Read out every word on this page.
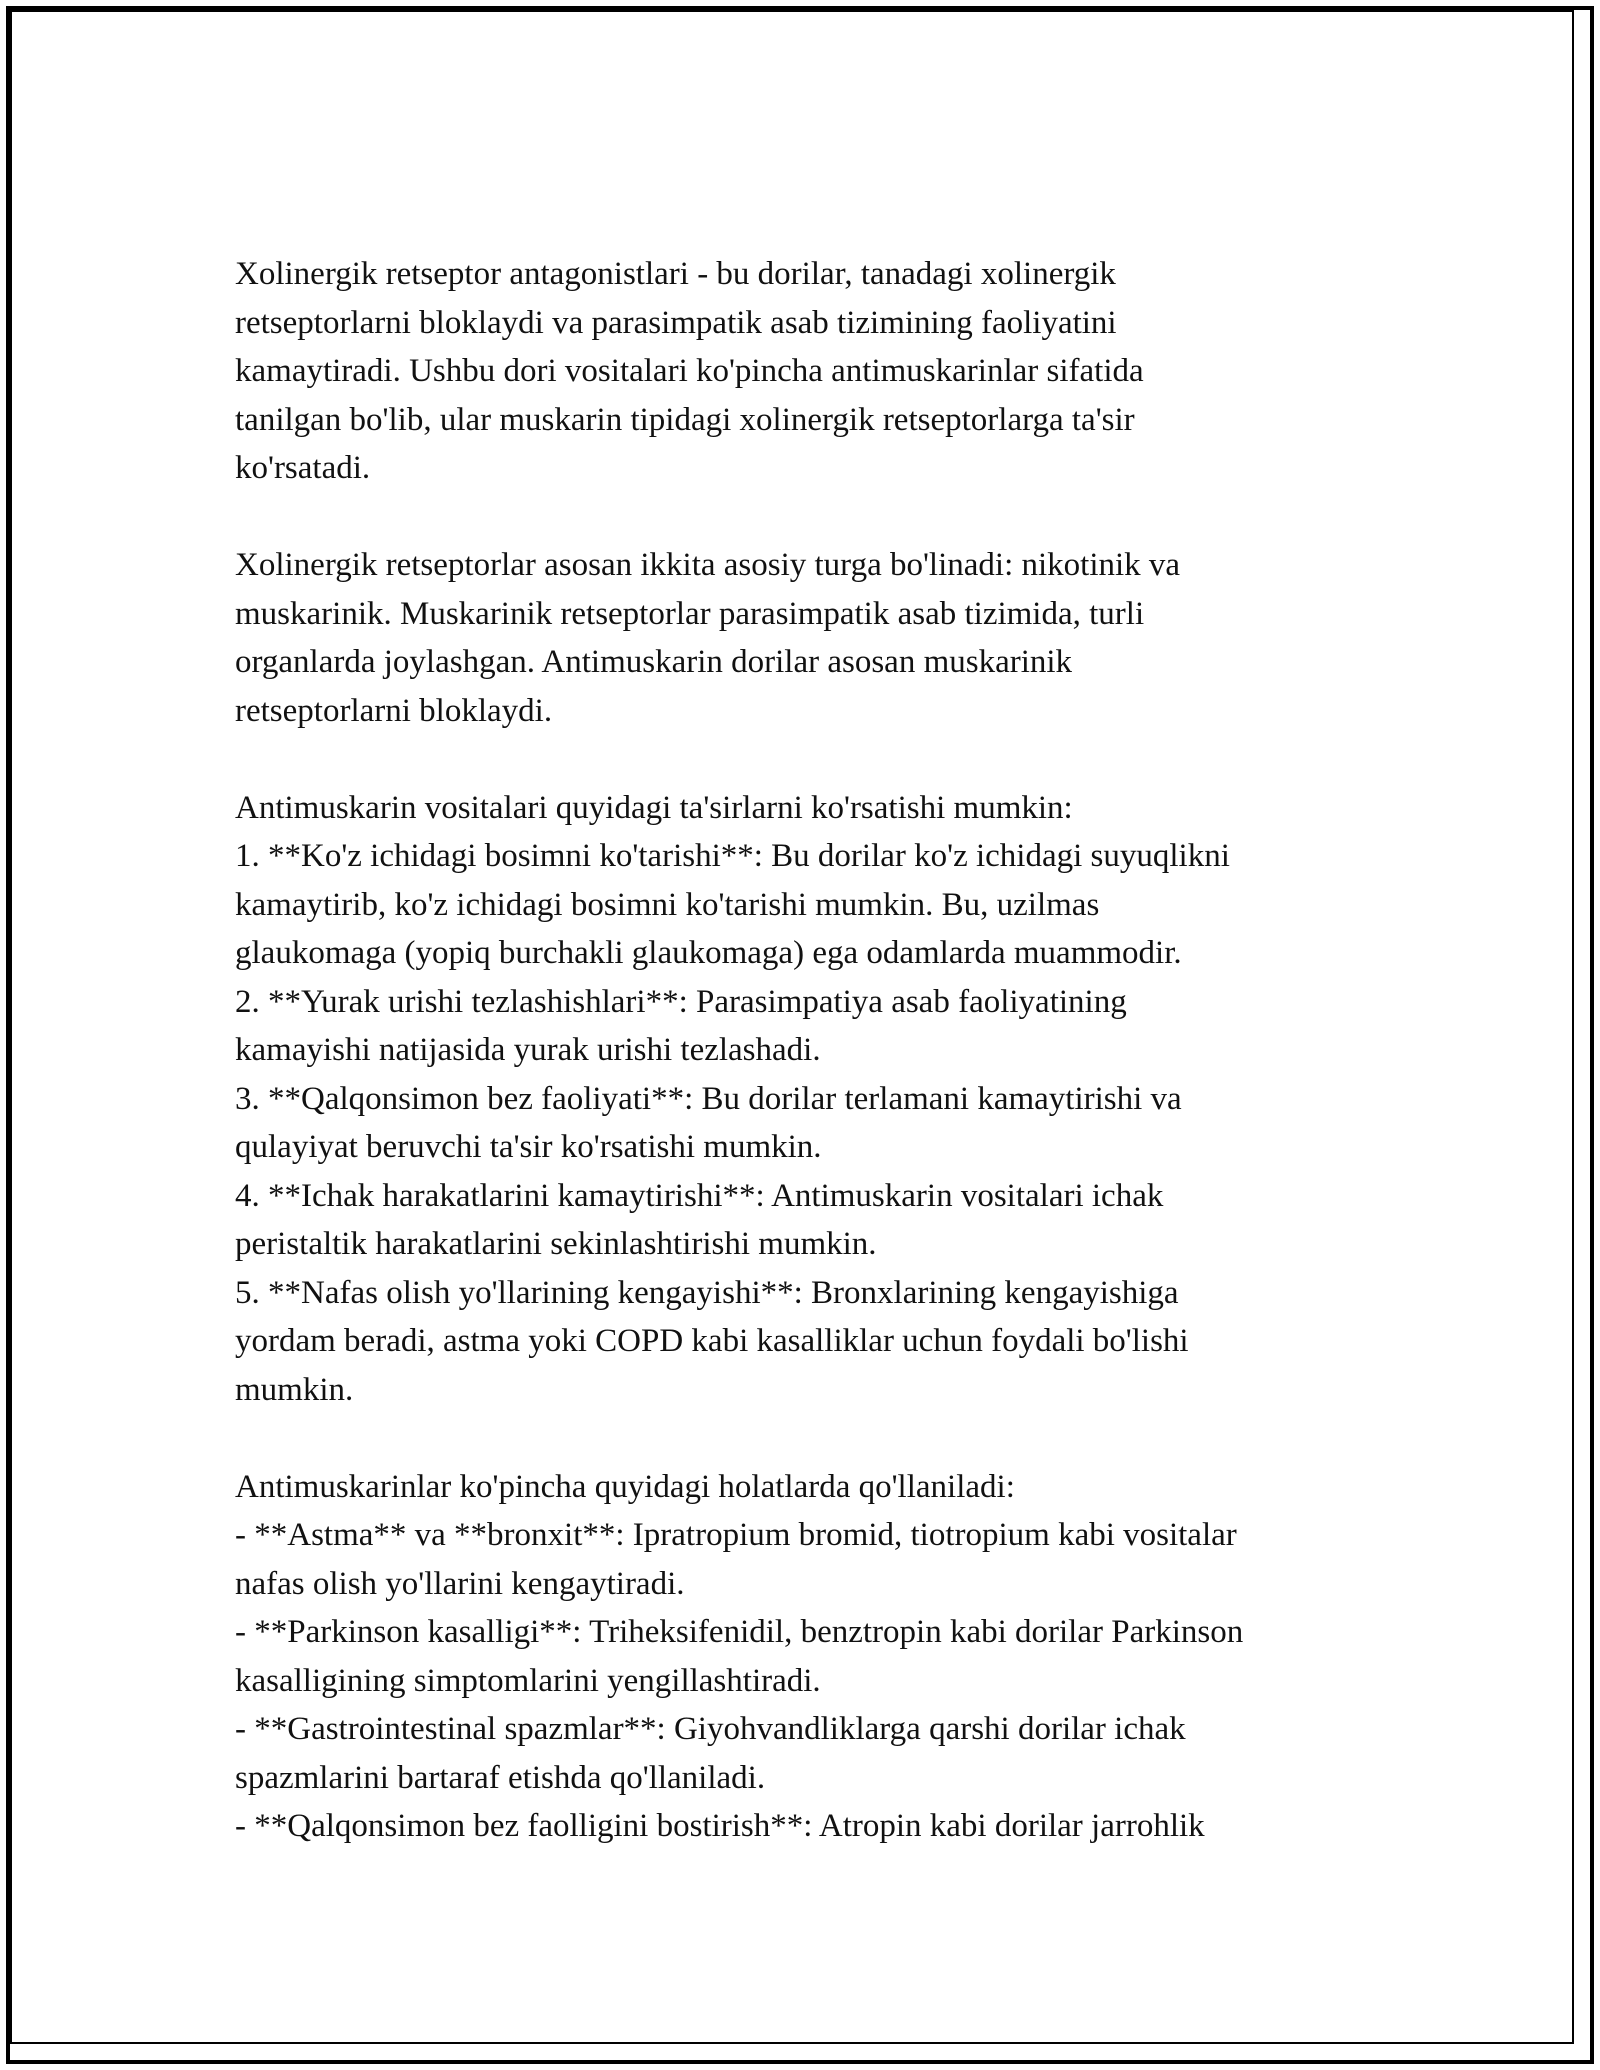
Xolinergik retseptor antagonistlari - bu dorilar, tanadagi xolinergik
retseptorlarni bloklaydi va parasimpatik asab tizimining faoliyatini
kamaytiradi. Ushbu dori vositalari ko'pincha antimuskarinlar sifatida
tanilgan bo'lib, ular muskarin tipidagi xolinergik retseptorlarga ta'sir
ko'rsatadi.
Xolinergik retseptorlar asosan ikkita asosiy turga bo'linadi: nikotinik va
muskarinik. Muskarinik retseptorlar parasimpatik asab tizimida, turli
organlarda joylashgan. Antimuskarin dorilar asosan muskarinik
retseptorlarni bloklaydi.
Antimuskarin vositalari quyidagi ta'sirlarni ko'rsatishi mumkin:
1. **Ko'z ichidagi bosimni ko'tarishi**: Bu dorilar ko'z ichidagi suyuqlikni
kamaytirib, ko'z ichidagi bosimni ko'tarishi mumkin. Bu, uzilmas
glaukomaga (yopiq burchakli glaukomaga) ega odamlarda muammodir.
2. **Yurak urishi tezlashishlari**: Parasimpatiya asab faoliyatining
kamayishi natijasida yurak urishi tezlashadi.
3. **Qalqonsimon bez faoliyati**: Bu dorilar terlamani kamaytirishi va
qulayiyat beruvchi ta'sir ko'rsatishi mumkin.
4. **Ichak harakatlarini kamaytirishi**: Antimuskarin vositalari ichak
peristaltik harakatlarini sekinlashtirishi mumkin.
5. **Nafas olish yo'llarining kengayishi**: Bronxlarining kengayishiga
yordam beradi, astma yoki COPD kabi kasalliklar uchun foydali bo'lishi
mumkin.
Antimuskarinlar ko'pincha quyidagi holatlarda qo'llaniladi:
- **Astma** va **bronxit**: Ipratropium bromid, tiotropium kabi vositalar
nafas olish yo'llarini kengaytiradi.
- **Parkinson kasalligi**: Triheksifenidil, benztropin kabi dorilar Parkinson
kasalligining simptomlarini yengillashtiradi.
- **Gastrointestinal spazmlar**: Giyohvandliklarga qarshi dorilar ichak
spazmlarini bartaraf etishda qo'llaniladi.
- **Qalqonsimon bez faolligini bostirish**: Atropin kabi dorilar jarrohlik
